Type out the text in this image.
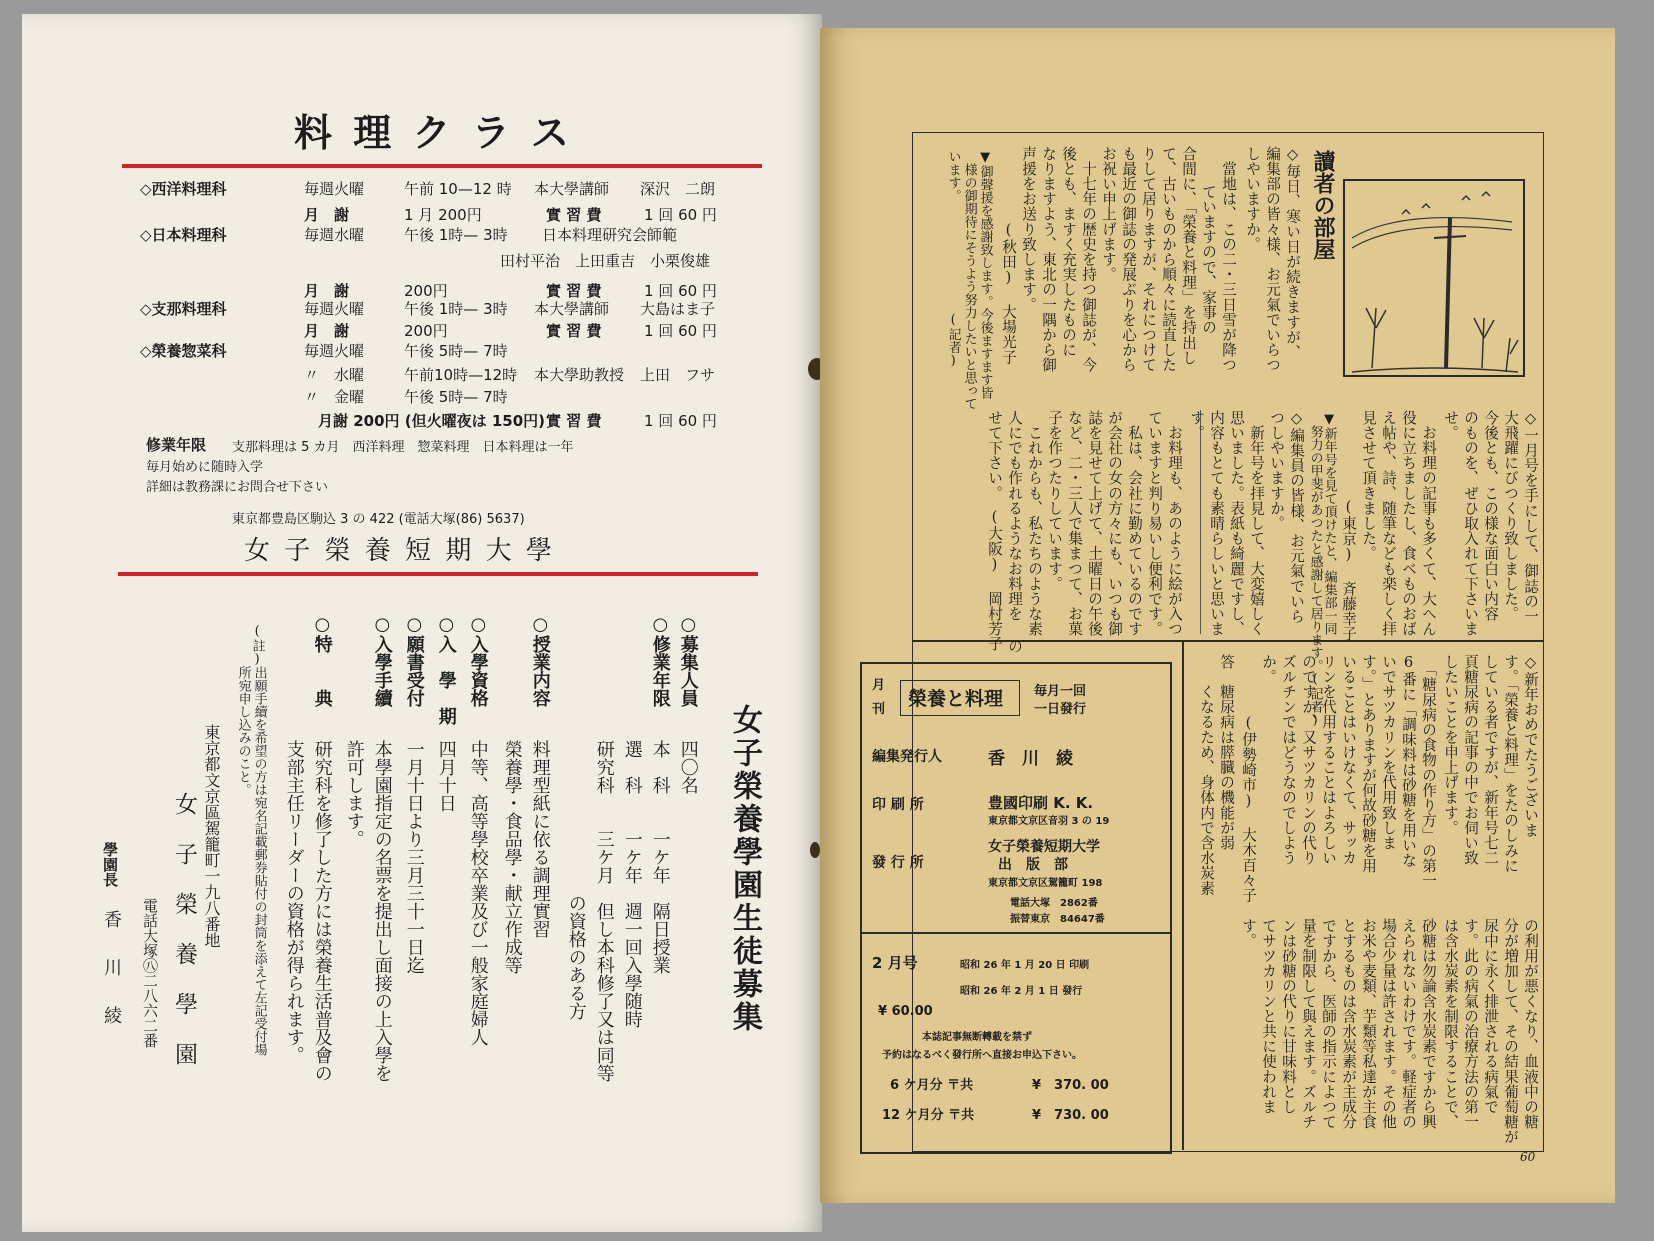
料 理 ク ラ ス
◇西洋料理科	毎週火曜	午前 10—12 時 本大學講師 深沢　二朗
月　謝	1 月 200円	實 習 費	1 回 60 円
◇日本料理科	毎週水曜	午後 1時— 3時 日本料理研究会師範
田村平治　上田重吉　小栗俊雄
月　謝	200円	實 習 費	1 回 60 円
◇支那料理科	毎週火曜	午後 1時— 3時 本大學講師 大島はま子
月　謝	200円	實 習 費	1 回 60 円
◇榮養惣菜科	毎週火曜	午後 5時— 7時
〃　水曜	午前10時—12時 本大學助教授 上田　フサ
〃　金曜	午後 5時— 7時
月謝 200円 (但火曜夜は 150円) 實 習 費	1 回 60 円
修業年限 支那料理は 5 カ月　西洋料理　惣菜料理　日本料理は一年
毎月始めに随時入学
詳細は教務課にお問合せ下さい
東京都豊島区駒込 3 の 422 (電話大塚(86) 5637)
女 子 榮 養 短 期 大 學
女子榮養學園生徒募集
○募集人員
四〇名
○修業年限
本　科　　一ケ年　隔日授業
選　科　　一ケ年　週一回入學随時
研究科　　三ケ月　但し本科修了又は同等
の資格のある方
○授業内容
料理型紙に依る調理實習
榮養學・食品學・献立作成等
○入學資格
中等、高等學校卒業及び一般家庭婦人
○入　學　期
四月十日
○願書受付
一月十日より三月三十一日迄
○入學手續
本學園指定の名票を提出し面接の上入學を
許可します。
○特　　典
研究科を修了した方には榮養生活普及會の
支部主任リーダーの資格が得られます。
(註)
出願手續を希望の方は宛名記載郵券貼付の封筒を添えて左記受付場
所宛申し込みのこと。
東京都文京區駕籠町一九八番地
女　子　榮　養　學　園
電話大塚㊇二八六二番
學園長
香　川　綾
讀者の部屋
◇毎日、寒い日が続きますが、
編集部の皆々様、お元氣でいらつ
しやいますか。
　當地は、この二・三日雪が降つ
ていますので、家事の
合間に、「榮養と料理」を持出し
て、古いものから順々に読直した
りして居りますが、それにつけて
も最近の御誌の発展ぶりを心から
お祝い申上げます。
　十七年の歴史を持つ御誌が、今
後とも、ますく充実したものに
なりますよう、東北の一隅から御
声援をお送り致します。
　　　　　(秋田) 大場光子
▼御聲援を感謝致します。今後ますます皆
　様の御期待にそうよう努力したいと思って
います。　　　　　　　　　(記者)
◇一月号を手にして、御誌の一
大飛躍にびつくり致しました。
今後とも、この様な面白い内容
のものを、ぜひ取入れて下さいま
せ。
　お料理の記事も多くて、大へん
役に立ちましたし、食べものおば
え帖や、詩、随筆なども楽しく拝
見させて頂きました。
　　　　(東京) 斉藤幸子
▼新年号を見て頂けたと、編集部一同
　努力の甲斐があつたと感謝して居ります。(記者)
◇編集員の皆様、お元氣でいら
つしやいますか。
　新年号を拝見して、大変嬉しく
思いました。表紙も綺麗ですし、
内容もとても素晴らしいと思いま
す。
　お料理も、あのように絵が入つ
ていますと判り易いし便利です。
　私は、会社に勤めているのです
が会社の女の方々にも、いつも御
誌を見せて上げて、土曜日の午後
など、二・三人で集まつて、お菓
子を作つたりしています。
　これからも、私たちのような素
人にでも作れるようなお料理を の
せて下さい。　(大阪) 岡村芳子
◇新年おめでたうございま
す。「榮養と料理」をたのしみに
している者ですが、新年号七二
頁糖尿病の記事の中でお伺い致
したいことを申上げます。
　「糖尿病の食物の作り方」の第一
6番に「調味料は砂糖を用いな
いでサツカリンを代用致しま
す。」とありますが何故砂糖を用
いることはいけなくて、サッカ
リンを代用することはよろしい
のですか、又サツカリンの代り
ズルチンではどうなのでしよう
か。
　　　　(伊勢崎市) 大木百々子
答　糖尿病は膵臓の機能が弱
　　くなるため、身体内で含水炭素
の利用が悪くなり、血液中の糖
分が増加して、その結果葡萄糖が
尿中に永く排泄される病氣で
す。此の病氣の治療方法の第一
は含水炭素を制限することで、
砂糖は勿論含水炭素ですから興
えられないわけです。軽症者の
場合少量は許されます。その他
お米や麦類、芋類等私達が主食
とするものは含水炭素が主成分
ですから、医師の指示によつて
量を制限して與えます。ズルチ
ンは砂糖の代りに甘味料とし
てサツカリンと共に使われま
す。
月
刊 榮養と料理 毎月一回
一日發行
編集発行人	香　川　綾
印 刷 所	豊國印刷 K. K.
東京都文京区音羽 3 の 19
發 行 所
女子榮養短期大学
出　版　部
東京都文京区駕籠町 198
電話大塚　2862番
振替東京　84647番
2 月号	昭和 26 年 1 月 20 日 印刷
昭和 26 年 2 月 1 日 發行
¥ 60.00
本誌記事無断轉載を禁ず
予約はなるべく發行所へ直接お申込下さい。
6 ケ月分 〒共	¥　370. 00
12 ケ月分 〒共	¥　730. 00
60
